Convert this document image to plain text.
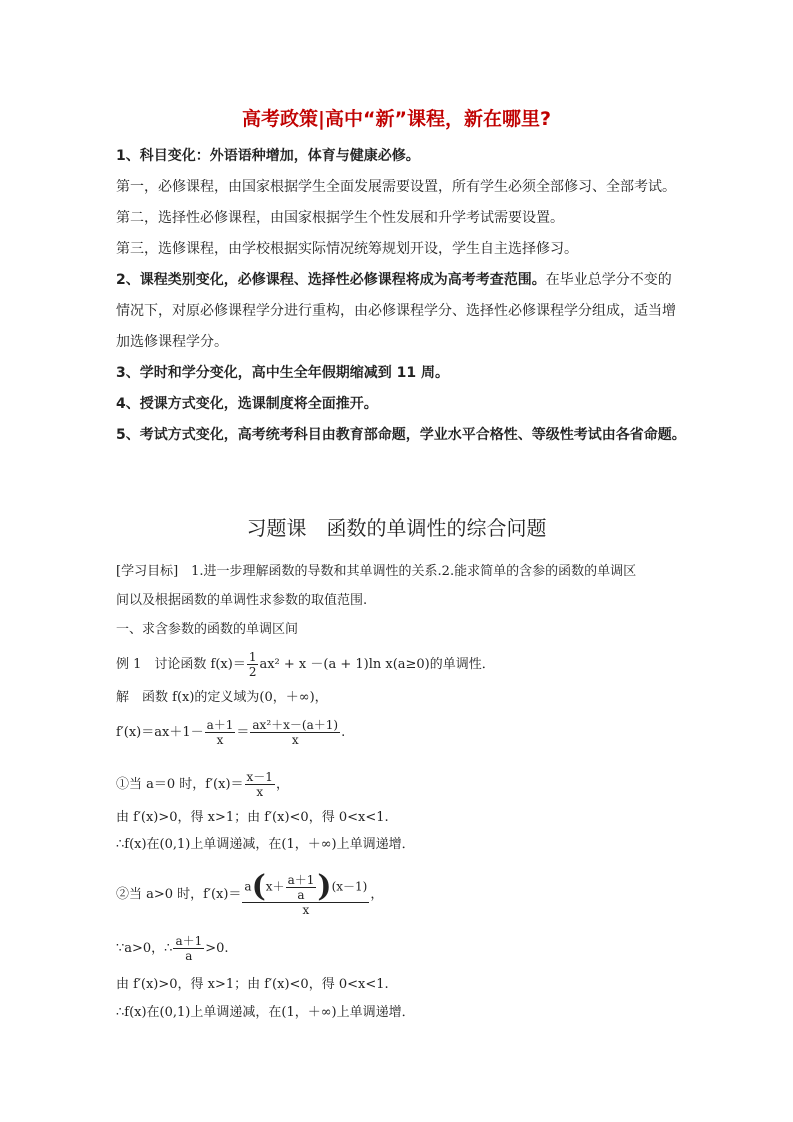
高考政策|高中“新”课程，新在哪里?
1、科目变化：外语语种增加，体育与健康必修。
第一，必修课程，由国家根据学生全面发展需要设置，所有学生必须全部修习、全部考试。
第二，选择性必修课程，由国家根据学生个性发展和升学考试需要设置。
第三，选修课程，由学校根据实际情况统筹规划开设，学生自主选择修习。
2、课程类别变化，必修课程、选择性必修课程将成为高考考查范围。在毕业总学分不变的
情况下，对原必修课程学分进行重构，由必修课程学分、选择性必修课程学分组成，适当增
加选修课程学分。
3、学时和学分变化，高中生全年假期缩减到 11 周。
4、授课方式变化，选课制度将全面推开。
5、考试方式变化，高考统考科目由教育部命题，学业水平合格性、等级性考试由各省命题。
习题课　函数的单调性的综合问题
[学习目标]　1.进一步理解函数的导数和其单调性的关系.2.能求简单的含参的函数的单调区
间以及根据函数的单调性求参数的取值范围.
一、求含参数的函数的单调区间
例 1　讨论函数 $f(x)= \frac{1}{2} ax^2 + x -(a + 1)\ln$ x(a≥0)的单调性．
解　函数 f(x)的定义域为(0，＋∞)，
$f'(x)=ax+1- \frac{a+1}{x} = \frac{\text{ax²＋x－(a＋1)}}{x}$ .
①当 a＝0 时，$f'(x)= \frac{x-1}{x}$ ，
由 f′(x)>0，得 x>1；由 f′(x)<0，得 0<x<1.
∴f(x)在(0,1)上单调递减，在(1，＋∞)上单调递增．
②当 a>0 时，$f'(x)= \frac{a(x+ \frac{a+1}{a} )(x-1)}{x}$ ，
∵a>0，∴ $\frac{a+1}{a} >0$.
由 f′(x)>0，得 x>1；由 f′(x)<0，得 0<x<1.
∴f(x)在(0,1)上单调递减，在(1，＋∞)上单调递增．
